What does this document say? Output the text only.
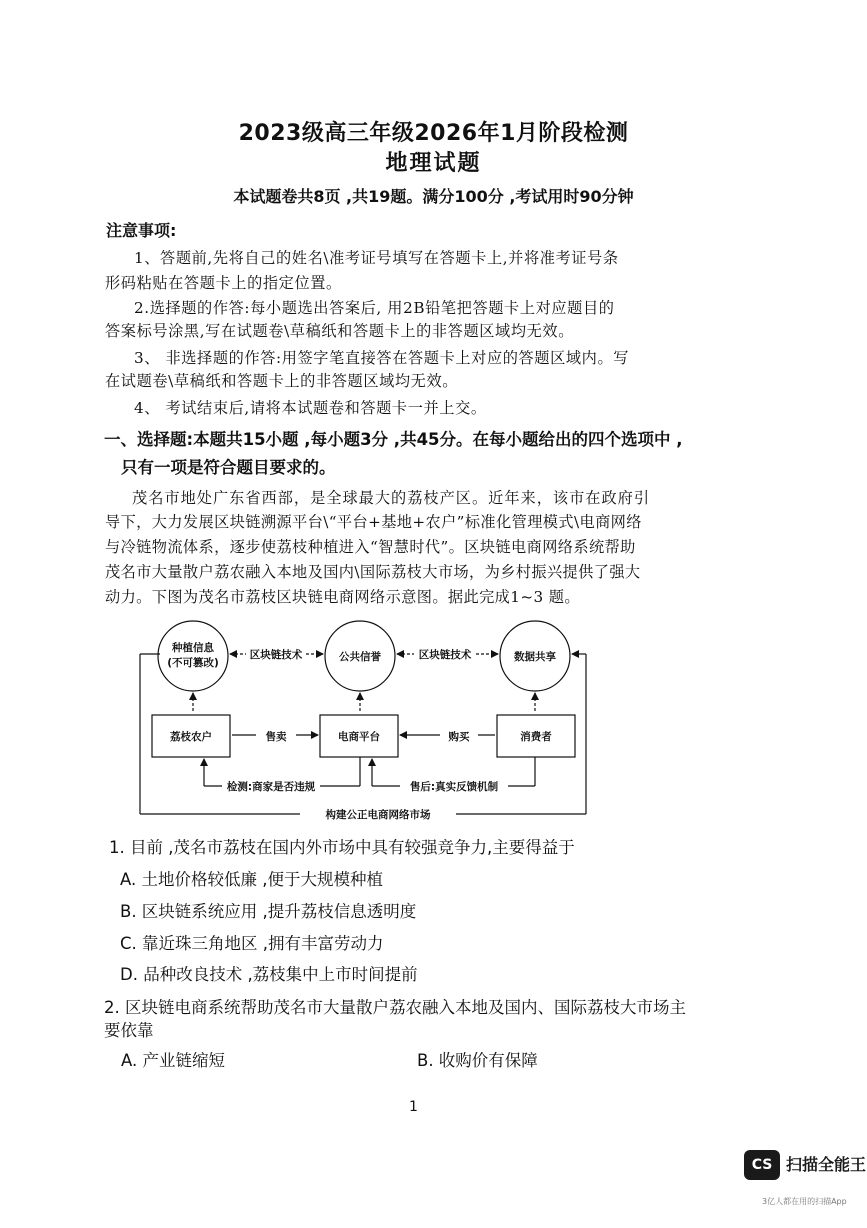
2023级高三年级2026年1月阶段检测
地理试题
本试题卷共8页 ,共19题。满分100分 ,考试用时90分钟
注意事项:
1、答题前,先将自己的姓名\准考证号填写在答题卡上,并将准考证号条
形码粘贴在答题卡上的指定位置。
2.选择题的作答:每小题选出答案后, 用2B铅笔把答题卡上对应题目的
答案标号涂黑,写在试题卷\草稿纸和答题卡上的非答题区域均无效。
3、 非选择题的作答:用签字笔直接答在答题卡上对应的答题区域内。写
在试题卷\草稿纸和答题卡上的非答题区域均无效。
4、 考试结束后,请将本试题卷和答题卡一并上交。
一、选择题:本题共15小题 ,每小题3分 ,共45分。在每小题给出的四个选项中 ,
只有一项是符合题目要求的。
茂名市地处广东省西部，是全球最大的荔枝产区。近年来，该市在政府引
导下，大力发展区块链溯源平台\“平台+基地+农户”标准化管理模式\电商网络
与冷链物流体系，逐步使荔枝种植进入“智慧时代”。区块链电商网络系统帮助
茂名市大量散户荔农融入本地及国内\国际荔枝大市场，为乡村振兴提供了强大
动力。下图为茂名市荔枝区块链电商网络示意图。据此完成1~3 题。
种植信息
(不可篡改)	公共信誉	数据共享
区块链技术	区块链技术
荔枝农户	电商平台	消费者
售卖	购买
检测:商家是否违规	售后:真实反馈机制
构建公正电商网络市场
1. 目前 ,茂名市荔枝在国内外市场中具有较强竞争力,主要得益于
A. 土地价格较低廉 ,便于大规模种植
B. 区块链系统应用 ,提升荔枝信息透明度
C. 靠近珠三角地区 ,拥有丰富劳动力
D. 品种改良技术 ,荔枝集中上市时间提前
2. 区块链电商系统帮助茂名市大量散户荔农融入本地及国内、国际荔枝大市场主
要依靠
A. 产业链缩短	B. 收购价有保障
1
CS 扫描全能王
3亿人都在用的扫描App
